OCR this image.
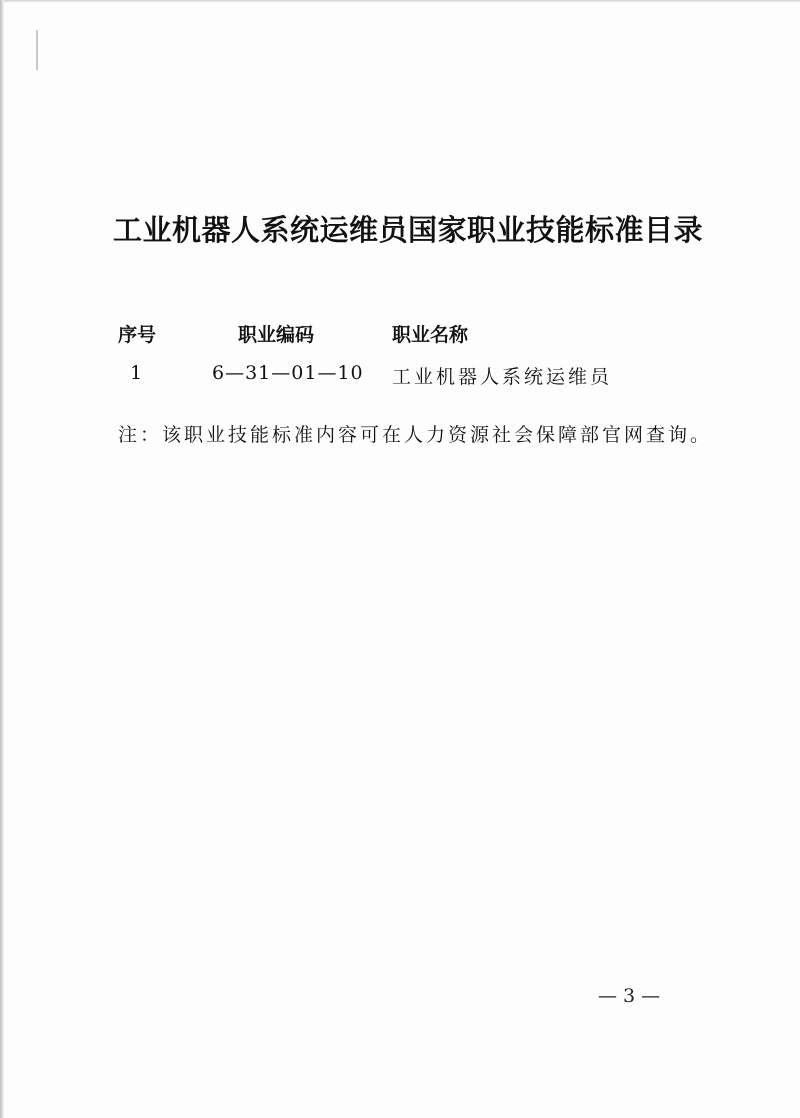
工业机器人系统运维员国家职业技能标准目录
序号	职业编码	职业名称
1	6—31—01—10 工业机器人系统运维员
注：该职业技能标准内容可在人力资源社会保障部官网查询。
— 3 —
